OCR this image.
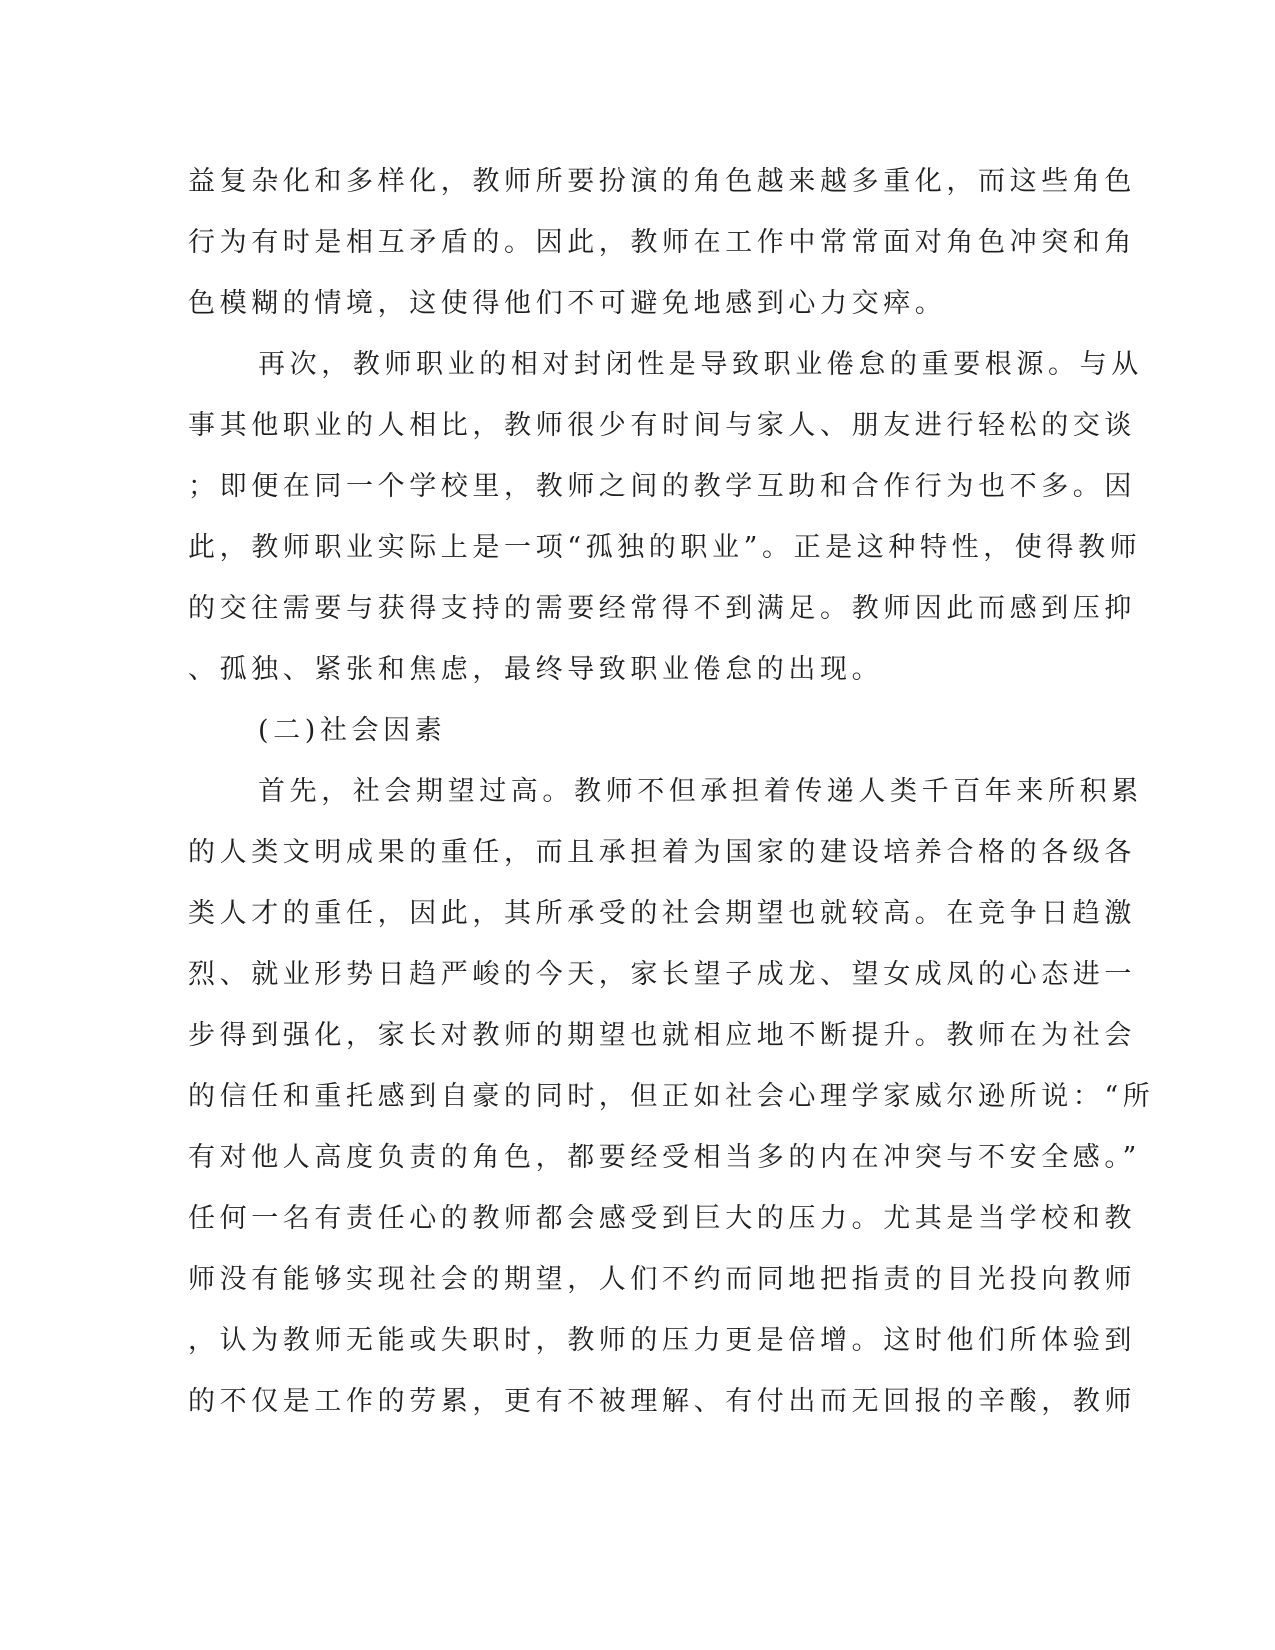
益复杂化和多样化，教师所要扮演的角色越来越多重化，而这些角色
行为有时是相互矛盾的。因此，教师在工作中常常面对角色冲突和角
色模糊的情境，这使得他们不可避免地感到心力交瘁。
再次，教师职业的相对封闭性是导致职业倦怠的重要根源。与从
事其他职业的人相比，教师很少有时间与家人、朋友进行轻松的交谈
；即便在同一个学校里，教师之间的教学互助和合作行为也不多。因
此，教师职业实际上是一项“孤独的职业”。正是这种特性，使得教师
的交往需要与获得支持的需要经常得不到满足。教师因此而感到压抑
、孤独、紧张和焦虑，最终导致职业倦怠的出现。
(二)社会因素
首先，社会期望过高。教师不但承担着传递人类千百年来所积累
的人类文明成果的重任，而且承担着为国家的建设培养合格的各级各
类人才的重任，因此，其所承受的社会期望也就较高。在竞争日趋激
烈、就业形势日趋严峻的今天，家长望子成龙、望女成凤的心态进一
步得到强化，家长对教师的期望也就相应地不断提升。教师在为社会
的信任和重托感到自豪的同时，但正如社会心理学家威尔逊所说：“所
有对他人高度负责的角色，都要经受相当多的内在冲突与不安全感。”
任何一名有责任心的教师都会感受到巨大的压力。尤其是当学校和教
师没有能够实现社会的期望，人们不约而同地把指责的目光投向教师
，认为教师无能或失职时，教师的压力更是倍增。这时他们所体验到
的不仅是工作的劳累，更有不被理解、有付出而无回报的辛酸，教师
